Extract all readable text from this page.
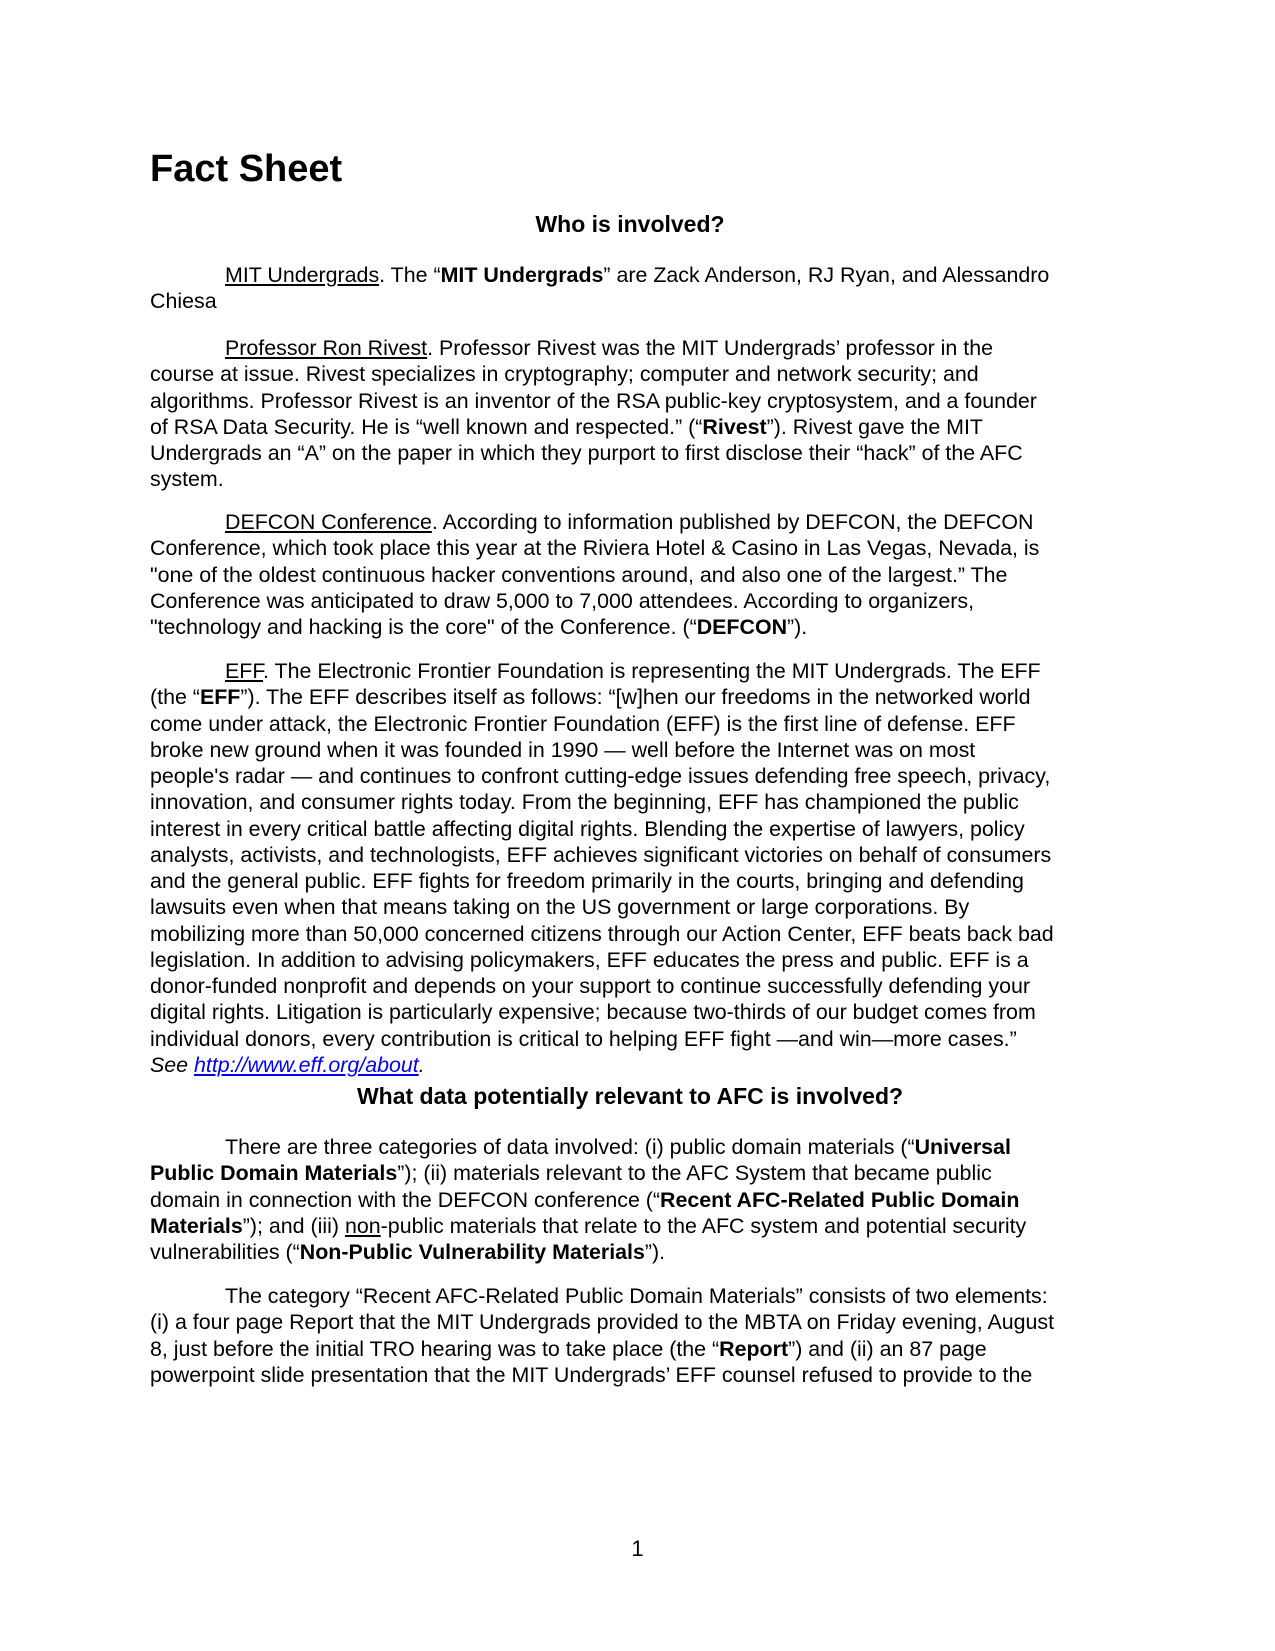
Fact Sheet
Who is involved?
MIT Undergrads. The “MIT Undergrads” are Zack Anderson, RJ Ryan, and Alessandro
Chiesa
Professor Ron Rivest. Professor Rivest was the MIT Undergrads’ professor in the
course at issue. Rivest specializes in cryptography; computer and network security; and
algorithms. Professor Rivest is an inventor of the RSA public-key cryptosystem, and a founder
of RSA Data Security. He is “well known and respected.” (“Rivest”). Rivest gave the MIT
Undergrads an “A” on the paper in which they purport to first disclose their “hack” of the AFC
system.
DEFCON Conference. According to information published by DEFCON, the DEFCON
Conference, which took place this year at the Riviera Hotel & Casino in Las Vegas, Nevada, is
"one of the oldest continuous hacker conventions around, and also one of the largest.” The
Conference was anticipated to draw 5,000 to 7,000 attendees. According to organizers,
"technology and hacking is the core" of the Conference. (“DEFCON”).
EFF. The Electronic Frontier Foundation is representing the MIT Undergrads. The EFF
(the “EFF”). The EFF describes itself as follows: “[w]hen our freedoms in the networked world
come under attack, the Electronic Frontier Foundation (EFF) is the first line of defense. EFF
broke new ground when it was founded in 1990 — well before the Internet was on most
people's radar — and continues to confront cutting-edge issues defending free speech, privacy,
innovation, and consumer rights today. From the beginning, EFF has championed the public
interest in every critical battle affecting digital rights. Blending the expertise of lawyers, policy
analysts, activists, and technologists, EFF achieves significant victories on behalf of consumers
and the general public. EFF fights for freedom primarily in the courts, bringing and defending
lawsuits even when that means taking on the US government or large corporations. By
mobilizing more than 50,000 concerned citizens through our Action Center, EFF beats back bad
legislation. In addition to advising policymakers, EFF educates the press and public. EFF is a
donor-funded nonprofit and depends on your support to continue successfully defending your
digital rights. Litigation is particularly expensive; because two-thirds of our budget comes from
individual donors, every contribution is critical to helping EFF fight —and win—more cases.”
See http://www.eff.org/about.
What data potentially relevant to AFC is involved?
There are three categories of data involved: (i) public domain materials (“Universal
Public Domain Materials”); (ii) materials relevant to the AFC System that became public
domain in connection with the DEFCON conference (“Recent AFC-Related Public Domain
Materials”); and (iii) non-public materials that relate to the AFC system and potential security
vulnerabilities (“Non-Public Vulnerability Materials”).
The category “Recent AFC-Related Public Domain Materials” consists of two elements:
(i) a four page Report that the MIT Undergrads provided to the MBTA on Friday evening, August
8, just before the initial TRO hearing was to take place (the “Report”) and (ii) an 87 page
powerpoint slide presentation that the MIT Undergrads’ EFF counsel refused to provide to the

1
